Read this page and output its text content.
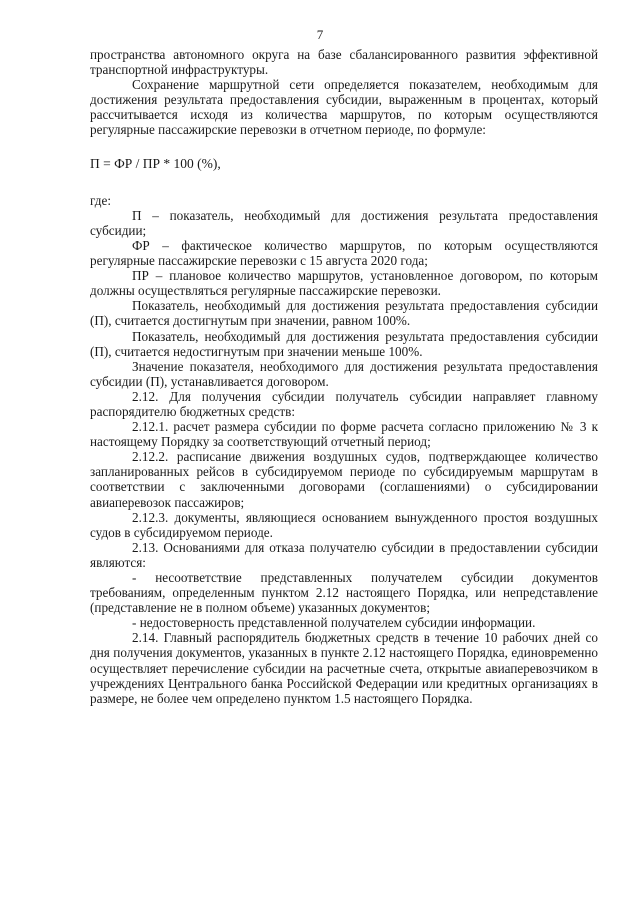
7

пространства автономного округа на базе сбалансированного развития эффективной транспортной инфраструктуры.

Сохранение маршрутной сети определяется показателем, необходимым для достижения результата предоставления субсидии, выраженным в процентах, который рассчитывается исходя из количества маршрутов, по которым осуществляются регулярные пассажирские перевозки в отчетном периоде, по формуле:

П = ФР / ПР * 100 (%),

где:

П – показатель, необходимый для достижения результата предоставления субсидии;

ФР – фактическое количество маршрутов, по которым осуществляются регулярные пассажирские перевозки с 15 августа 2020 года;

ПР – плановое количество маршрутов, установленное договором, по которым должны осуществляться регулярные пассажирские перевозки.

Показатель, необходимый для достижения результата предоставления субсидии (П), считается достигнутым при значении, равном 100%.

Показатель, необходимый для достижения результата предоставления субсидии (П), считается недостигнутым при значении меньше 100%.

Значение показателя, необходимого для достижения результата предоставления субсидии (П), устанавливается договором.

2.12. Для получения субсидии получатель субсидии направляет главному распорядителю бюджетных средств:

2.12.1. расчет размера субсидии по форме расчета согласно приложению № 3 к настоящему Порядку за соответствующий отчетный период;

2.12.2. расписание движения воздушных судов, подтверждающее количество запланированных рейсов в субсидируемом периоде по субсидируемым маршрутам в соответствии с заключенными договорами (соглашениями) о субсидировании авиаперевозок пассажиров;

2.12.3. документы, являющиеся основанием вынужденного простоя воздушных судов в субсидируемом периоде.

2.13. Основаниями для отказа получателю субсидии в предоставлении субсидии являются:

- несоответствие представленных получателем субсидии документов требованиям, определенным пунктом 2.12 настоящего Порядка, или непредставление (представление не в полном объеме) указанных документов;

- недостоверность представленной получателем субсидии информации.

2.14. Главный распорядитель бюджетных средств в течение 10 рабочих дней со дня получения документов, указанных в пункте 2.12 настоящего Порядка, единовременно осуществляет перечисление субсидии на расчетные счета, открытые авиаперевозчиком в учреждениях Центрального банка Российской Федерации или кредитных организациях в размере, не более чем определено пунктом 1.5 настоящего Порядка.
